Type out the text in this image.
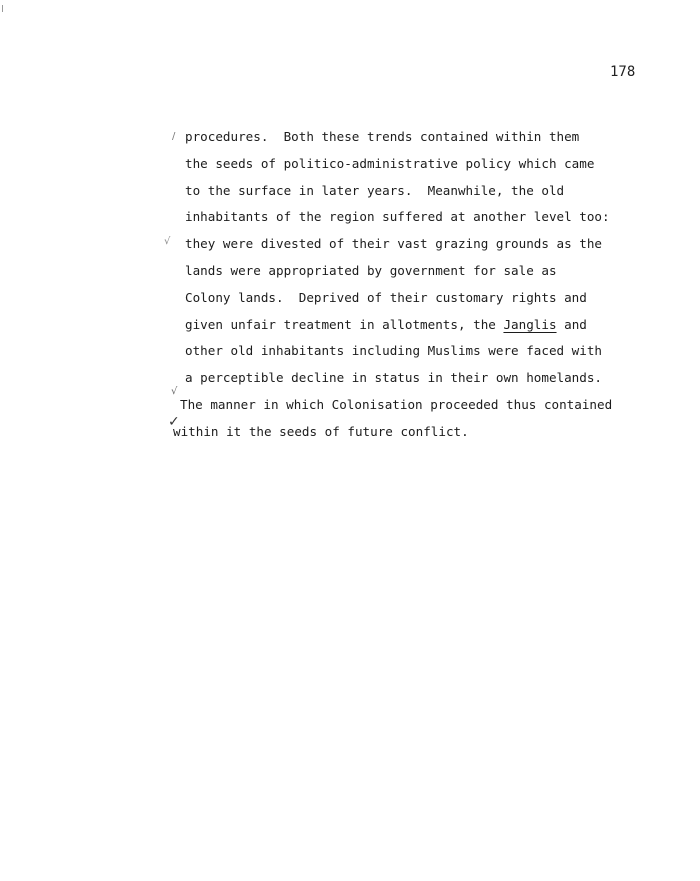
178
/
√
√
✓
procedures.  Both these trends contained within them
the seeds of politico-administrative policy which came
to the surface in later years.  Meanwhile, the old
inhabitants of the region suffered at another level too:
they were divested of their vast grazing grounds as the
lands were appropriated by government for sale as
Colony lands.  Deprived of their customary rights and
given unfair treatment in allotments, the Janglis and
other old inhabitants including Muslims were faced with
a perceptible decline in status in their own homelands.
The manner in which Colonisation proceeded thus contained
within it the seeds of future conflict.
